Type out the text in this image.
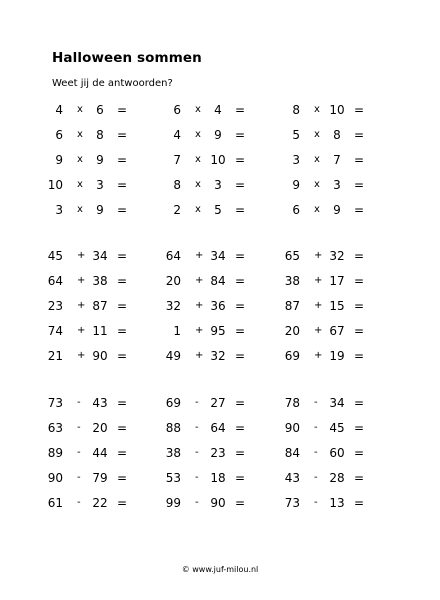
Halloween sommen
Weet jij de antwoorden?
4 x	6	=
6 x	8	=
9 x	9	=
10 x	3	=
3 x	9	=
6 x	4	=
4 x	9	=
7 x 10 =
8 x	3	=
2 x	5	=
8 x 10 =
5 x	8	=
3 x	7	=
9 x	3	=
6 x	9	=
45 + 34 =
64 + 38 =
23 + 87 =
74 + 11 =
21 + 90 =
64 + 34 =
20 + 84 =
32 + 36 =
1 + 95 =
49 + 32 =
65 + 32 =
38 + 17 =
87 + 15 =
20 + 67 =
69 + 19 =
73 - 43 =
63 - 20 =
89 - 44 =
90 - 79 =
61 - 22 =
69 - 27 =
88 - 64 =
38 - 23 =
53 - 18 =
99 - 90 =
78 - 34 =
90 - 45 =
84 - 60 =
43 - 28 =
73 - 13 =
© www.juf-milou.nl
